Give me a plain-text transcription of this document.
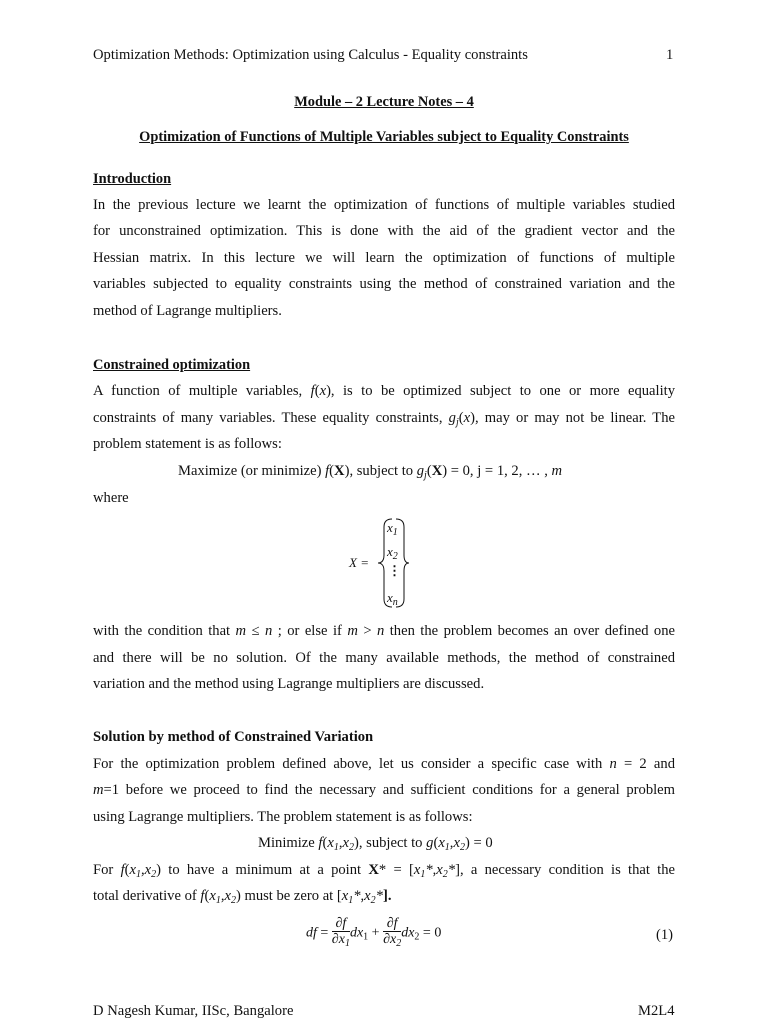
Optimization Methods: Optimization using Calculus - Equality constraints	1
Module – 2 Lecture Notes – 4
Optimization of Functions of Multiple Variables subject to Equality Constraints
Introduction
In the previous lecture we learnt the optimization of functions of multiple variables studied
for unconstrained optimization. This is done with the aid of the gradient vector and the
Hessian matrix. In this lecture we will learn the optimization of functions of multiple
variables subjected to equality constraints using the method of constrained variation and the
method of Lagrange multipliers.
Constrained optimization
A function of multiple variables, f(x), is to be optimized subject to one or more equality
constraints of many variables. These equality constraints, $g_j(x)$, may or may not be linear. The
problem statement is as follows:
Maximize (or minimize) f(X), subject to $g_j(X) = 0$, j = 1, 2, … , m
where
X =
$x_1$
$x_2$
⋮
$x_n$
with the condition that m ≤ n ; or else if m > n then the problem becomes an over defined one
and there will be no solution. Of the many available methods, the method of constrained
variation and the method using Lagrange multipliers are discussed.
Solution by method of Constrained Variation
For the optimization problem defined above, let us consider a specific case with n = 2 and
m=1 before we proceed to find the necessary and sufficient conditions for a general problem
using Lagrange multipliers. The problem statement is as follows:
Minimize $f(x_1,x_2)$, subject to $g(x_1,x_2) = 0$
For $f(x_1,x_2)$ to have a minimum at a point $X* = [x_1*,x_2*]$, a necessary condition is that the
total derivative of $f(x_1,x_2)$ must be zero at $[x_1*,x_2*]$.
df = $\frac{\partial f}{\partial x_1} dx_1 + \frac{\partial f}{\partial x_2} dx_2 = 0$	(1)
D Nagesh Kumar, IISc, Bangalore	M2L4
